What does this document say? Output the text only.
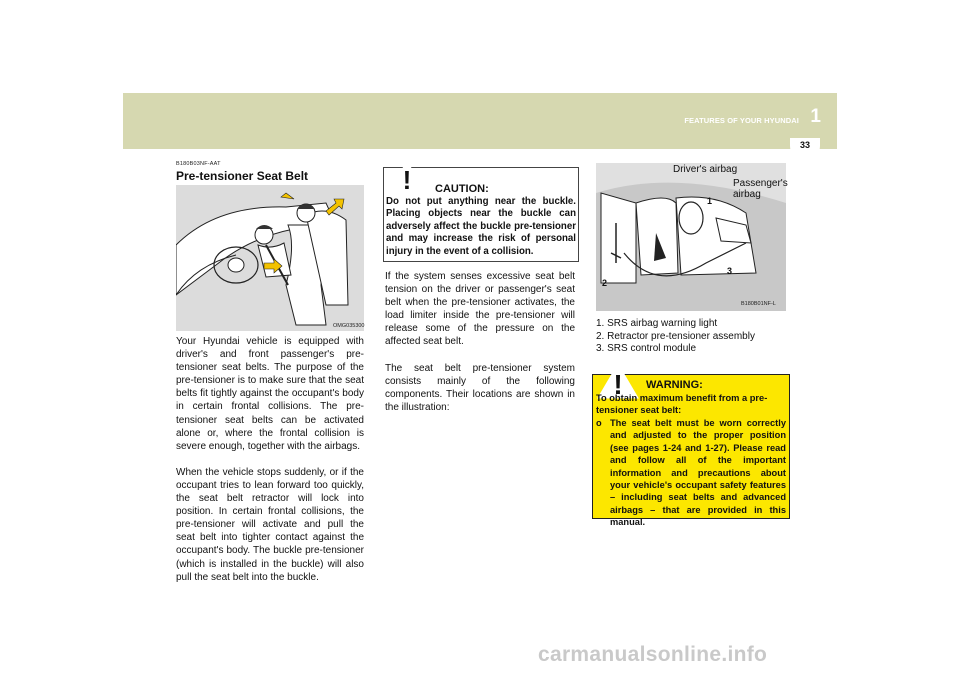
FEATURES OF YOUR HYUNDAI 1
33
B180B03NF-AAT
Pre-tensioner Seat Belt
OMG035300

Your Hyundai vehicle is equipped with driver's and front passenger's pre-tensioner seat belts. The purpose of the pre-tensioner is to make sure that the seat belts fit tightly against the occupant's body in certain frontal collisions. The pre-tensioner seat belts can be activated alone or, where the frontal collision is severe enough, together with the airbags.

When the vehicle stops suddenly, or if the occupant tries to lean forward too quickly, the seat belt retractor will lock into position. In certain frontal collisions, the pre-tensioner will activate and pull the seat belt into tighter contact against the occupant's body. The buckle pre-tensioner (which is installed in the buckle) will also pull the seat belt into the buckle.

! CAUTION:
Do not put anything near the buckle. Placing objects near the buckle can adversely affect the buckle pre-tensioner and may increase the risk of personal injury in the event of a collision.

If the system senses excessive seat belt tension on the driver or passenger's seat belt when the pre-tensioner activates, the load limiter inside the pre-tensioner will release some of the pressure on the affected seat belt.

The seat belt pre-tensioner system consists mainly of the following components. Their locations are shown in the illustration:

Driver's airbag
Passenger's
airbag
1
2
3
B180B01NF-L
1. SRS airbag warning light
2. Retractor pre-tensioner assembly
3. SRS control module
! WARNING:
To obtain maximum benefit from a pre-tensioner seat belt:
o The seat belt must be worn correctly and adjusted to the proper position (see pages 1-24 and 1-27). Please read and follow all of the important information and precautions about your vehicle's occupant safety features – including seat belts and advanced airbags – that are provided in this manual.
carmanualsonline.info
